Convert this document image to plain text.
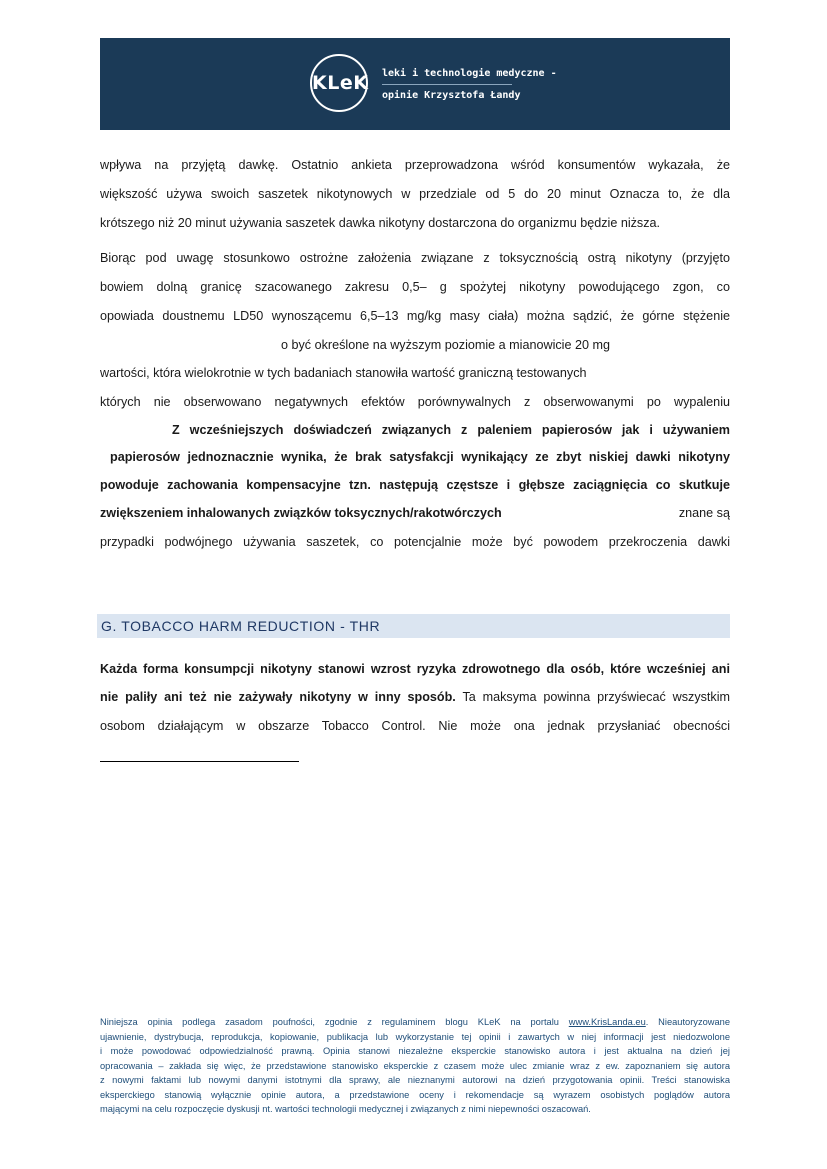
KLeK leki i technologie medyczne -
opinie Krzysztofa Łandy
wpływa na przyjętą dawkę. Ostatnio ankieta przeprowadzona wśród konsumentów wykazała, że
większość używa swoich saszetek nikotynowych w przedziale od 5 do 20 minut Oznacza to, że dla
krótszego niż 20 minut używania saszetek dawka nikotyny dostarczona do organizmu będzie niższa.
Biorąc pod uwagę stosunkowo ostrożne założenia związane z toksycznością ostrą nikotyny (przyjęto
bowiem dolną granicę szacowanego zakresu 0,5– g spożytej nikotyny powodującego zgon, co
opowiada doustnemu LD50 wynoszącemu 6,5–13 mg/kg masy ciała) można sądzić, że górne stężenie
o być określone na wyższym poziomie a mianowicie 20 mg
wartości, która wielokrotnie w tych badaniach stanowiła wartość graniczną testowanych
których nie obserwowano negatywnych efektów porównywalnych z obserwowanymi po wypaleniu
Z wcześniejszych doświadczeń związanych z paleniem papierosów jak i używaniem
papierosów jednoznacznie wynika, że brak satysfakcji wynikający ze zbyt niskiej dawki nikotyny
powoduje zachowania kompensacyjne tzn. następują częstsze i głębsze zaciągnięcia co skutkuje
zwiększeniem inhalowanych związków toksycznych/rakotwórczych	znane są
przypadki podwójnego używania saszetek, co potencjalnie może być powodem przekroczenia dawki
G. TOBACCO HARM REDUCTION - THR
Każda forma konsumpcji nikotyny stanowi wzrost ryzyka zdrowotnego dla osób, które wcześniej ani
nie paliły ani też nie zażywały nikotyny w inny sposób. Ta maksyma powinna przyświecać wszystkim
osobom działającym w obszarze Tobacco Control. Nie może ona jednak przysłaniać obecności
Niniejsza opinia podlega zasadom poufności, zgodnie z regulaminem blogu KLeK na portalu www.KrisLanda.eu. Nieautoryzowane
ujawnienie, dystrybucja, reprodukcja, kopiowanie, publikacja lub wykorzystanie tej opinii i zawartych w niej informacji jest niedozwolone
i może powodować odpowiedzialność prawną. Opinia stanowi niezależne eksperckie stanowisko autora i jest aktualna na dzień jej
opracowania – zakłada się więc, że przedstawione stanowisko eksperckie z czasem może ulec zmianie wraz z ew. zapoznaniem się autora
z nowymi faktami lub nowymi danymi istotnymi dla sprawy, ale nieznanymi autorowi na dzień przygotowania opinii. Treści stanowiska
eksperckiego stanowią wyłącznie opinie autora, a przedstawione oceny i rekomendacje są wyrazem osobistych poglądów autora
mającymi na celu rozpoczęcie dyskusji nt. wartości technologii medycznej i związanych z nimi niepewności oszacowań.
